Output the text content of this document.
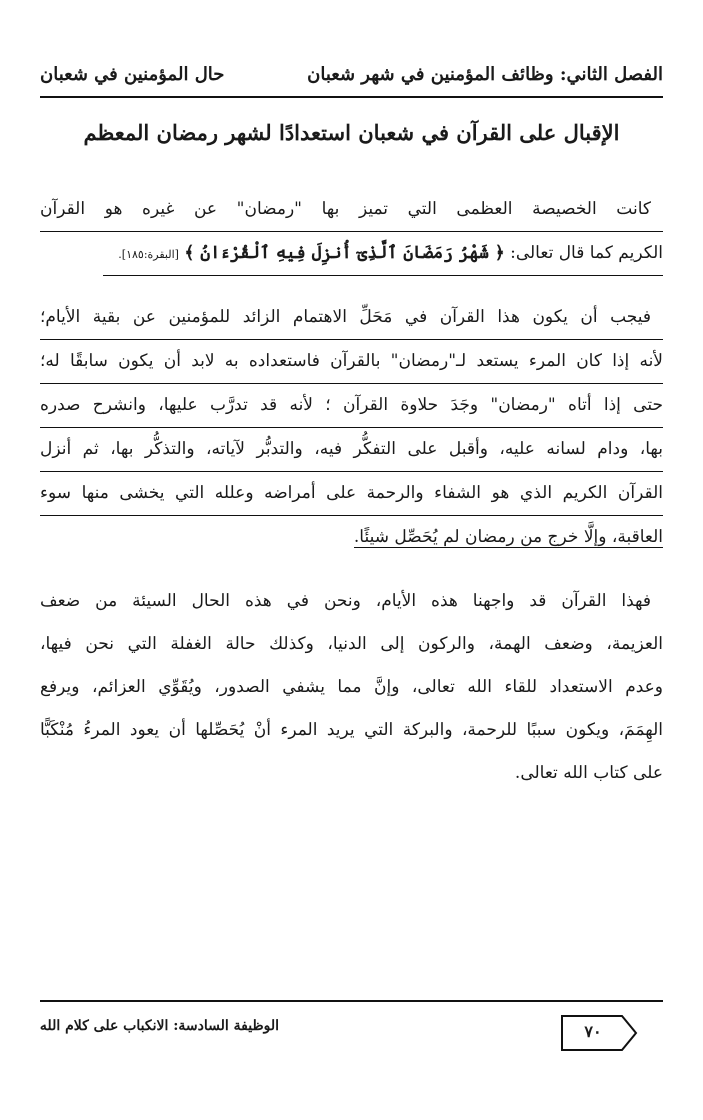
الفصل الثاني: وظائف المؤمنين في شهر شعبان
حال المؤمنين في شعبان
الإقبال على القرآن في شعبان استعدادًا لشهر رمضان المعظم
كانت الخصيصة العظمى التي تميز بها "رمضان" عن غيره هو القرآن
الكريم كما قال تعالى: ﴿ شَهْرُ رَمَضَانَ ٱلَّذِىٓ أُنزِلَ فِيهِ ٱلْقُرْءَانُ ﴾ [البقرة:١٨٥].
فيجب أن يكون هذا القرآن في مَحَلِّ الاهتمام الزائد للمؤمنين عن بقية الأيام؛
لأنه إذا كان المرء يستعد لـ"رمضان" بالقرآن فاستعداده به لابد أن يكون سابقًا له؛
حتى إذا أتاه "رمضان" وجَدَ حلاوة القرآن ؛ لأنه قد تدرَّب عليها، وانشرح صدره
بها، ودام لسانه عليه، وأقبل على التفكُّر فيه، والتدبُّر لآياته، والتذكُّر بها، ثم أنزل
القرآن الكريم الذي هو الشفاء والرحمة على أمراضه وعلله التي يخشى منها سوء
العاقبة، وإلَّا خرج من رمضان لم يُحَصِّل شيئًا.
فهذا القرآن قد واجهنا هذه الأيام، ونحن في هذه الحال السيئة من ضعف
العزيمة، وضعف الهمة، والركون إلى الدنيا، وكذلك حالة الغفلة التي نحن فيها،
وعدم الاستعداد للقاء الله تعالى، وإنَّ مما يشفي الصدور، ويُقَوِّي العزائم، ويرفع
الهِمَمَ، ويكون سببًا للرحمة، والبركة التي يريد المرء أنْ يُحَصِّلها أن يعود المرءُ مُنْكَبًّا
على كتاب الله تعالى.
الوظيفة السادسة: الانكباب على كلام الله	٧٠
